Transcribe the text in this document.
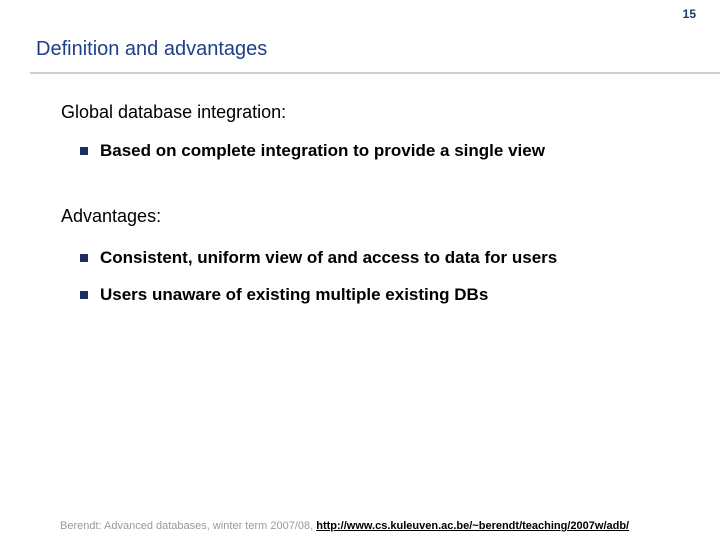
15
Definition and advantages
Global database integration:
Based on complete integration to provide a single view
Advantages:
Consistent, uniform view of and access to data for users
Users unaware of existing multiple existing DBs
Berendt: Advanced databases, winter term 2007/08, http://www.cs.kuleuven.ac.be/~berendt/teaching/2007w/adb/
